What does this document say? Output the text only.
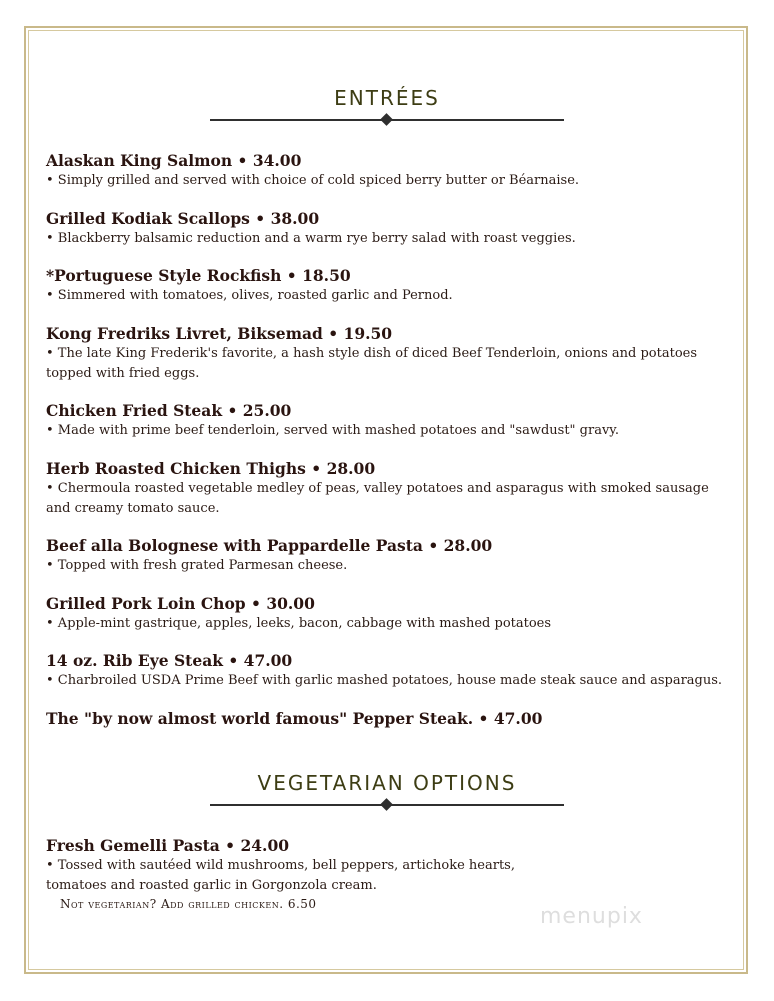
ENTRÉES
Alaskan King Salmon • 34.00
• Simply grilled and served with choice of cold spiced berry butter or Béarnaise.
Grilled Kodiak Scallops • 38.00
• Blackberry balsamic reduction and a warm rye berry salad with roast veggies.
*Portuguese Style Rockfish • 18.50
• Simmered with tomatoes, olives, roasted garlic and Pernod.
Kong Fredriks Livret, Biksemad • 19.50
• The late King Frederik's favorite, a hash style dish of diced Beef Tenderloin, onions and potatoes topped with fried eggs.
Chicken Fried Steak • 25.00
• Made with prime beef tenderloin, served with mashed potatoes and "sawdust" gravy.
Herb Roasted Chicken Thighs • 28.00
• Chermoula roasted vegetable medley of peas, valley potatoes and asparagus with smoked sausage and creamy tomato sauce.
Beef alla Bolognese with Pappardelle Pasta • 28.00
• Topped with fresh grated Parmesan cheese.
Grilled Pork Loin Chop • 30.00
• Apple-mint gastrique, apples, leeks, bacon, cabbage with mashed potatoes
14 oz. Rib Eye Steak • 47.00
• Charbroiled USDA Prime Beef with garlic mashed potatoes, house made steak sauce and asparagus.
The "by now almost world famous" Pepper Steak. • 47.00
VEGETARIAN OPTIONS
Fresh Gemelli Pasta • 24.00
• Tossed with sautéed wild mushrooms, bell peppers, artichoke hearts,
tomatoes and roasted garlic in Gorgonzola cream.
Not vegetarian? Add grilled chicken. 6.50	menupix
